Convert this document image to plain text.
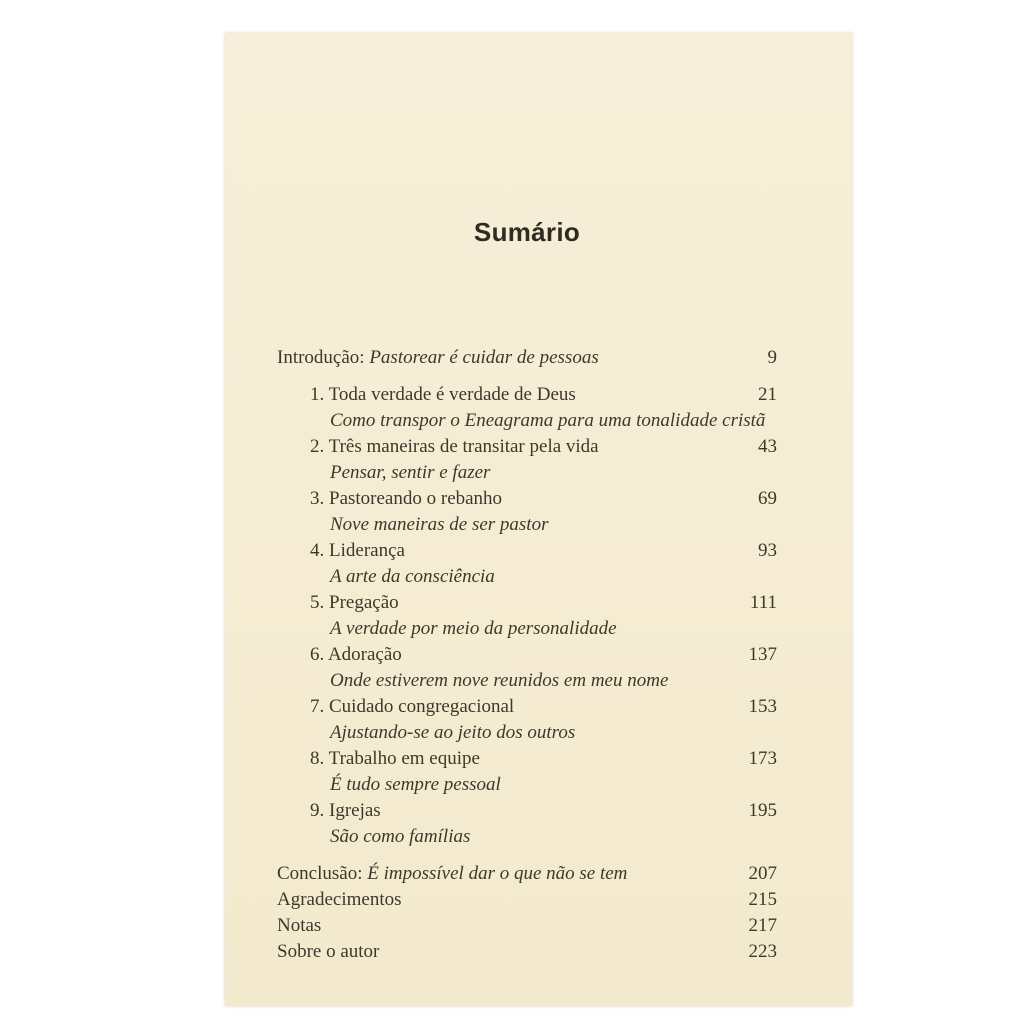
Sumário
Introdução: Pastorear é cuidar de pessoas	9
1. Toda verdade é verdade de Deus	21
Como transpor o Eneagrama para uma tonalidade cristã
2. Três maneiras de transitar pela vida	43
Pensar, sentir e fazer
3. Pastoreando o rebanho	69
Nove maneiras de ser pastor
4. Liderança	93
A arte da consciência
5. Pregação	111
A verdade por meio da personalidade
6. Adoração	137
Onde estiverem nove reunidos em meu nome
7. Cuidado congregacional	153
Ajustando-se ao jeito dos outros
8. Trabalho em equipe	173
É tudo sempre pessoal
9. Igrejas	195
São como famílias
Conclusão: É impossível dar o que não se tem	207
Agradecimentos	215
Notas	217
Sobre o autor	223
